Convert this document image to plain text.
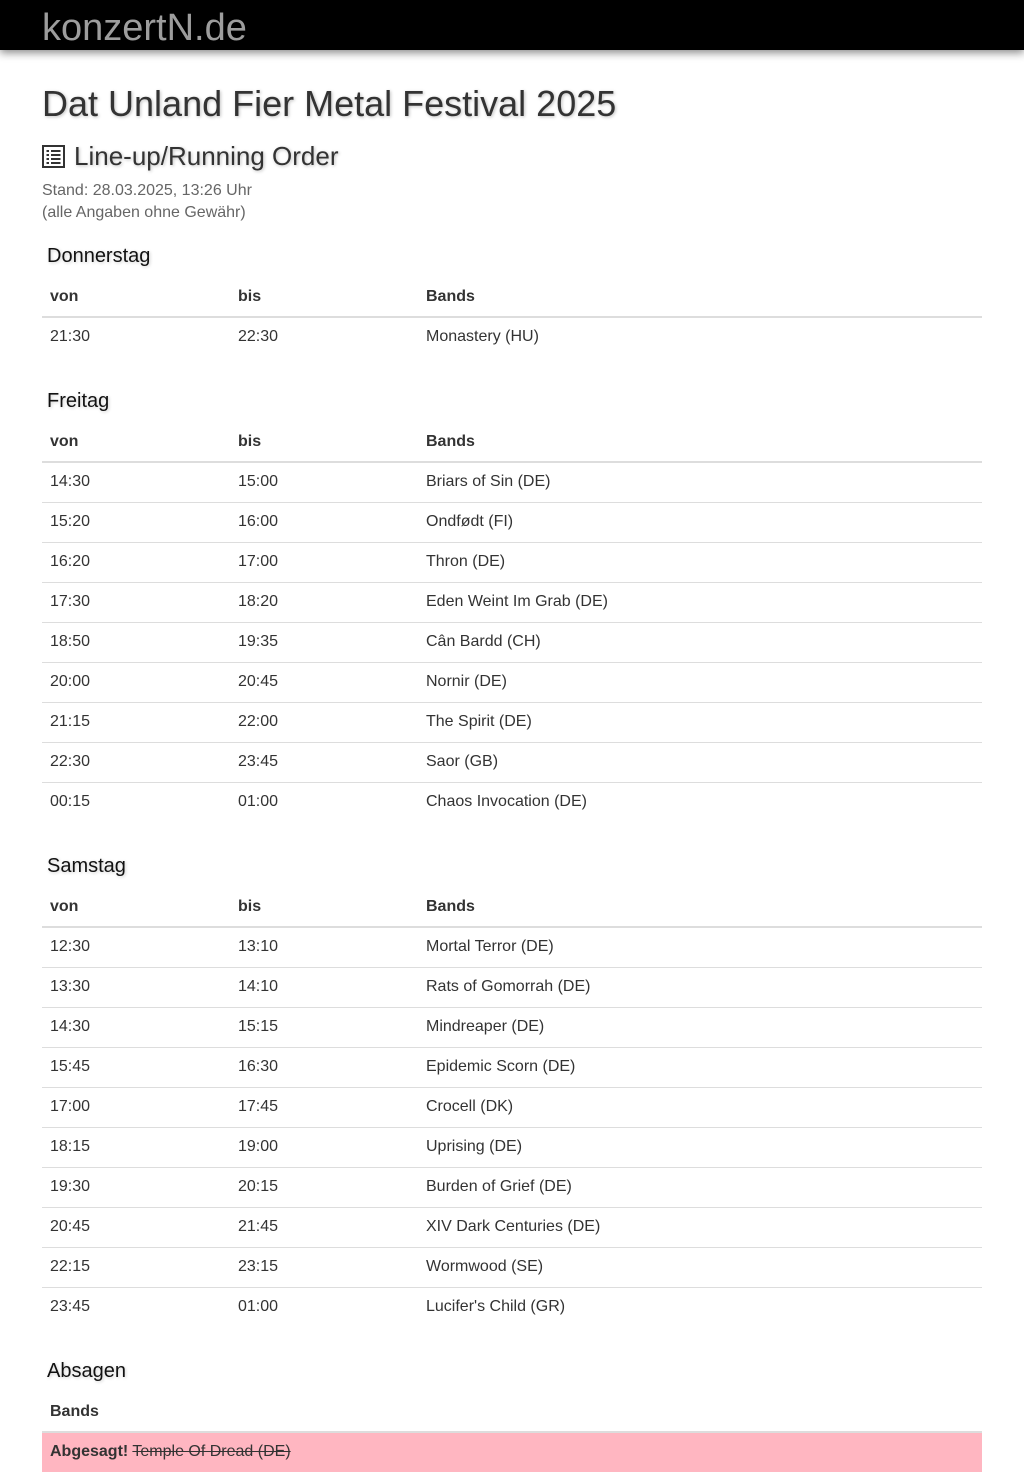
konzertN.de
Dat Unland Fier Metal Festival 2025
Line-up/Running Order
Stand: 28.03.2025, 13:26 Uhr
(alle Angaben ohne Gewähr)
Donnerstag
von	bis	Bands
21:30	22:30	Monastery (HU)
Freitag
von	bis	Bands
14:30	15:00	Briars of Sin (DE)
15:20	16:00	Ondfødt (FI)
16:20	17:00	Thron (DE)
17:30	18:20	Eden Weint Im Grab (DE)
18:50	19:35	Cân Bardd (CH)
20:00	20:45	Nornir (DE)
21:15	22:00	The Spirit (DE)
22:30	23:45	Saor (GB)
00:15	01:00	Chaos Invocation (DE)
Samstag
von	bis	Bands
12:30	13:10	Mortal Terror (DE)
13:30	14:10	Rats of Gomorrah (DE)
14:30	15:15	Mindreaper (DE)
15:45	16:30	Epidemic Scorn (DE)
17:00	17:45	Crocell (DK)
18:15	19:00	Uprising (DE)
19:30	20:15	Burden of Grief (DE)
20:45	21:45	XIV Dark Centuries (DE)
22:15	23:15	Wormwood (SE)
23:45	01:00	Lucifer's Child (GR)
Absagen
Bands
Abgesagt! Temple Of Dread (DE)
